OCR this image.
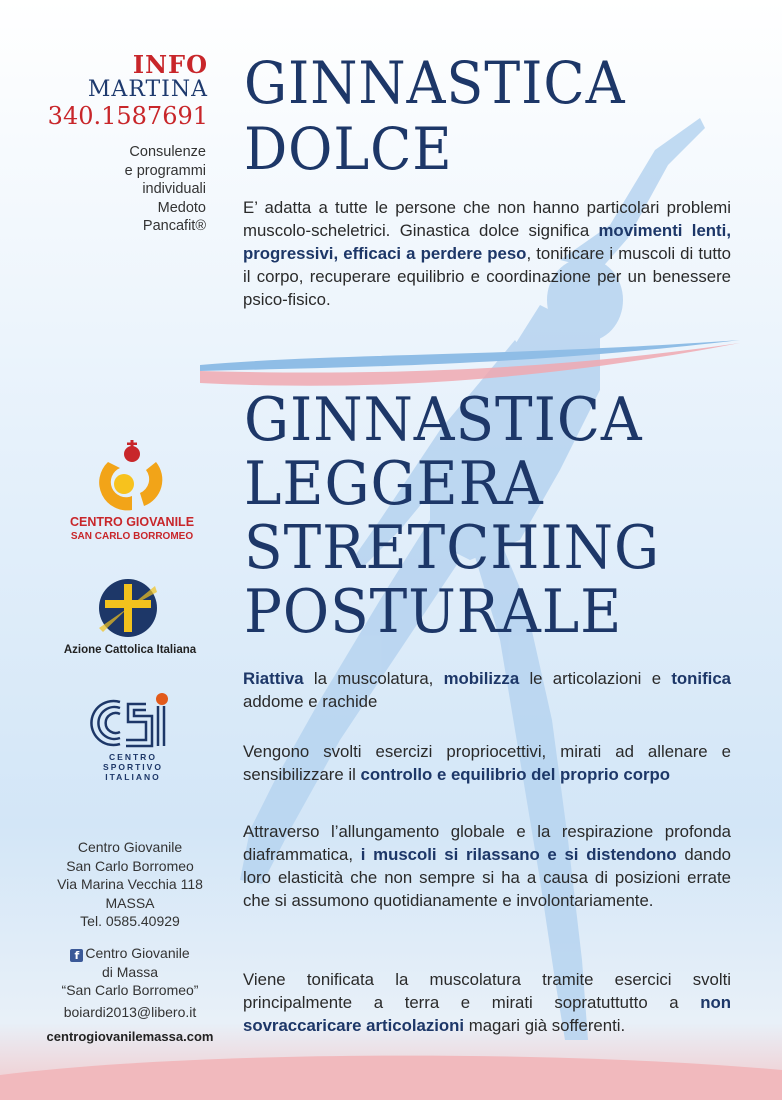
INFO
MARTINA
340.1587691
Consulenze
e programmi
individuali
Medoto
Pancafit®
CENTRO GIOVANILE
SAN CARLO BORROMEO
Azione Cattolica Italiana
CENTRO
SPORTIVO
ITALIANO
Centro Giovanile
San Carlo Borromeo
Via Marina Vecchia 118
MASSA
Tel. 0585.40929
f Centro Giovanile
di Massa
“San Carlo Borromeo”
boiardi2013@libero.it
centrogiovanilemassa.com
GINNASTICA
DOLCE

E’ adatta a tutte le persone che non hanno particolari problemi muscolo-scheletrici. Ginastica dolce significa movimenti lenti, progressivi, efficaci a perdere peso, tonificare i muscoli di tutto il corpo, recuperare equilibrio e coordinazione per un benessere psico-fisico.

GINNASTICA
LEGGERA
STRETCHING
POSTURALE

Riattiva la muscolatura, mobilizza le articolazioni e tonifica addome e rachide

Vengono svolti esercizi propriocettivi, mirati ad allenare e sensibilizzare il controllo e equilibrio del proprio corpo

Attraverso l’allungamento globale e la respirazione profonda diaframmatica, i muscoli si rilassano e si distendono dando loro elasticità che non sempre si ha a causa di posizioni errate che si assumono quotidianamente e involontariamente.

Viene tonificata la muscolatura tramite esercici svolti principalmente a terra e mirati sopratuttutto a non sovraccaricare articolazioni magari già sofferenti.
